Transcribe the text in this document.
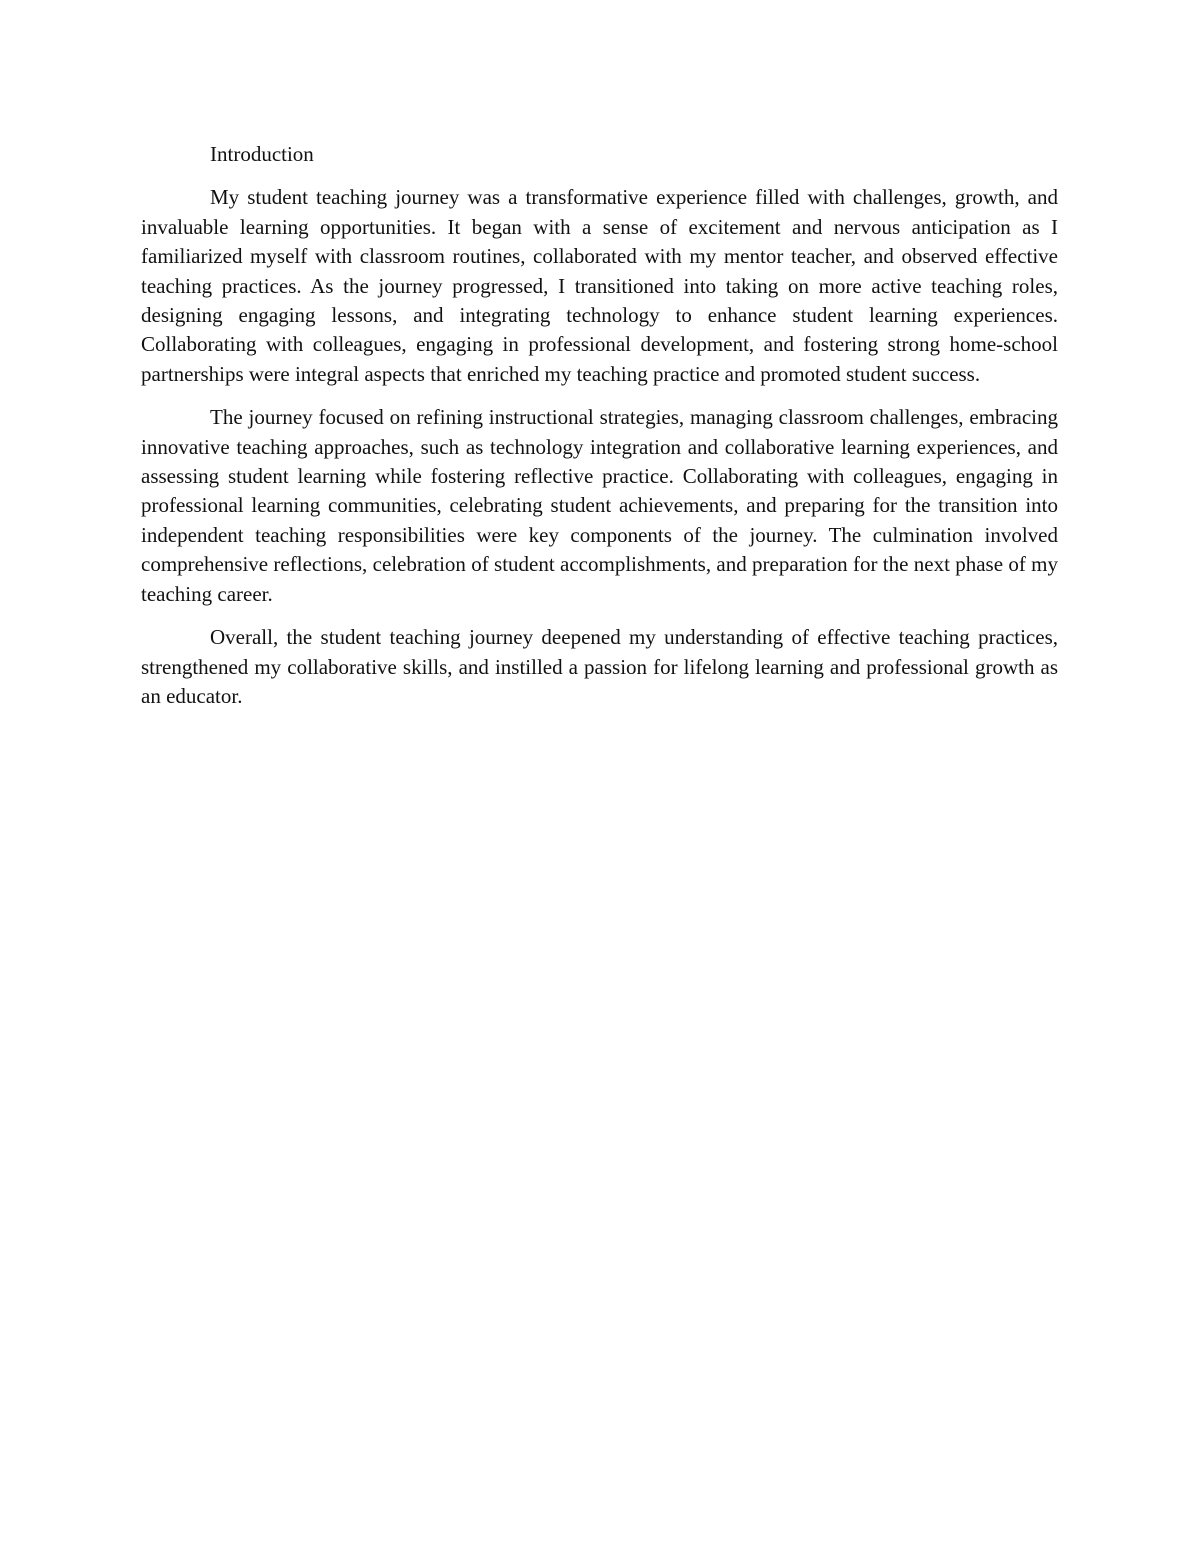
Introduction

My student teaching journey was a transformative experience filled with challenges, growth, and invaluable learning opportunities. It began with a sense of excitement and nervous anticipation as I familiarized myself with classroom routines, collaborated with my mentor teacher, and observed effective teaching practices. As the journey progressed, I transitioned into taking on more active teaching roles, designing engaging lessons, and integrating technology to enhance student learning experiences. Collaborating with colleagues, engaging in professional development, and fostering strong home-school partnerships were integral aspects that enriched my teaching practice and promoted student success.

The journey focused on refining instructional strategies, managing classroom challenges, embracing innovative teaching approaches, such as technology integration and collaborative learning experiences, and assessing student learning while fostering reflective practice. Collaborating with colleagues, engaging in professional learning communities, celebrating student achievements, and preparing for the transition into independent teaching responsibilities were key components of the journey. The culmination involved comprehensive reflections, celebration of student accomplishments, and preparation for the next phase of my teaching career.

Overall, the student teaching journey deepened my understanding of effective teaching practices, strengthened my collaborative skills, and instilled a passion for lifelong learning and professional growth as an educator.
